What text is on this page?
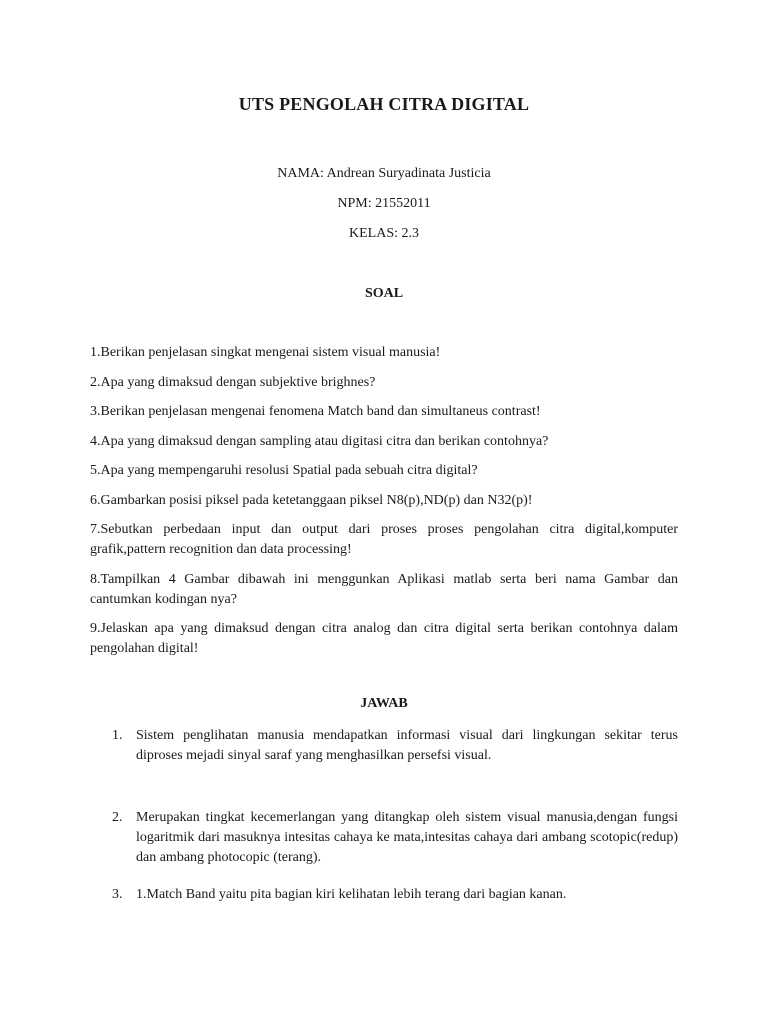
UTS PENGOLAH CITRA DIGITAL
NAMA: Andrean Suryadinata Justicia
NPM: 21552011
KELAS: 2.3
SOAL

1.Berikan penjelasan singkat mengenai sistem visual manusia!

2.Apa yang dimaksud dengan subjektive brighnes?

3.Berikan penjelasan mengenai fenomena Match band dan simultaneus contrast!

4.Apa yang dimaksud dengan sampling atau digitasi citra dan berikan contohnya?

5.Apa yang mempengaruhi resolusi Spatial pada sebuah citra digital?

6.Gambarkan posisi piksel pada ketetanggaan piksel N8(p),ND(p) dan N32(p)!

7.Sebutkan perbedaan input dan output dari proses proses pengolahan citra digital,komputer grafik,pattern recognition dan data processing!

8.Tampilkan 4 Gambar dibawah ini menggunkan Aplikasi matlab serta beri nama Gambar dan cantumkan kodingan nya?

9.Jelaskan apa yang dimaksud dengan citra analog dan citra digital serta berikan contohnya dalam pengolahan digital!

JAWAB
1. Sistem penglihatan manusia mendapatkan informasi visual dari lingkungan sekitar terus diproses mejadi sinyal saraf yang menghasilkan persefsi visual.
2. Merupakan tingkat kecemerlangan yang ditangkap oleh sistem visual manusia,dengan fungsi logaritmik dari masuknya intesitas cahaya ke mata,intesitas cahaya dari ambang scotopic(redup) dan ambang photocopic (terang).
3. 1.Match Band yaitu pita bagian kiri kelihatan lebih terang dari bagian kanan.
